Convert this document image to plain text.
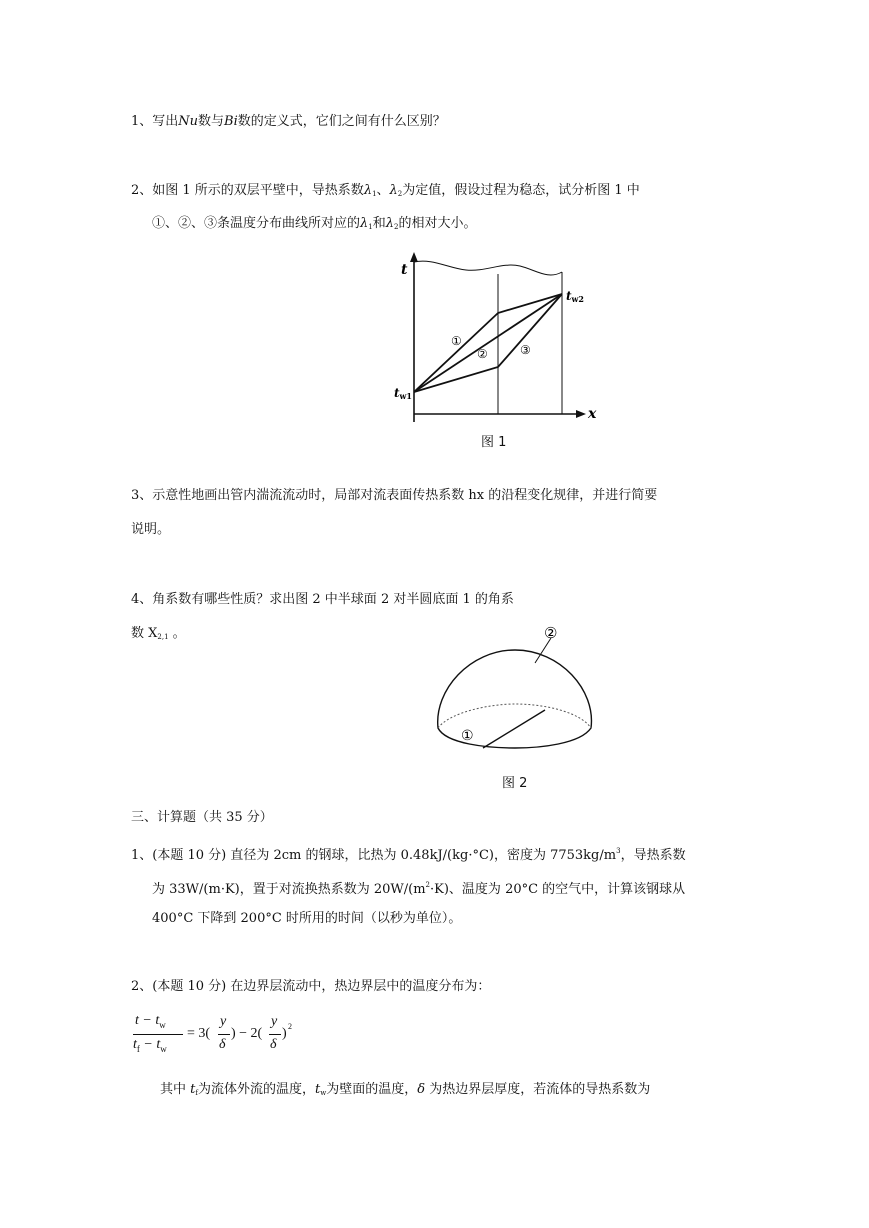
1、写出Nu数与Bi数的定义式，它们之间有什么区别？
2、如图 1 所示的双层平壁中，导热系数$\lambda_1$、$\lambda_2$为定值，假设过程为稳态，试分析图 1 中
①、②、③条温度分布曲线所对应的$\lambda_1$和$\lambda_2$的相对大小。
t
x
tw1
tw2
①
②	③
图 1
3、示意性地画出管内湍流流动时，局部对流表面传热系数 hx 的沿程变化规律，并进行简要
说明。
4、角系数有哪些性质？求出图 2 中半球面 2 对半圆底面 1 的角系
数 $X_{2,1}$ 。	②
①
图 2
三、计算题（共 35 分）
1、(本题 10 分) 直径为 2cm 的钢球，比热为 0.48kJ/(kg·°C)，密度为 $7753kg/m^3$，导热系数
为 33W/(m·K)，置于对流换热系数为 $20W/(m^2\cdot K)$、温度为 20°C 的空气中，计算该钢球从
400°C 下降到 200°C 时所用的时间（以秒为单位）。
2、(本题 10 分) 在边界层流动中，热边界层中的温度分布为：
$t - t_w$
$t_f - t_w$
= 3(
y
δ
) − 2(
y
δ
) 2
其中 $t_f$为流体外流的温度，$t_w$为壁面的温度，δ 为热边界层厚度，若流体的导热系数为
